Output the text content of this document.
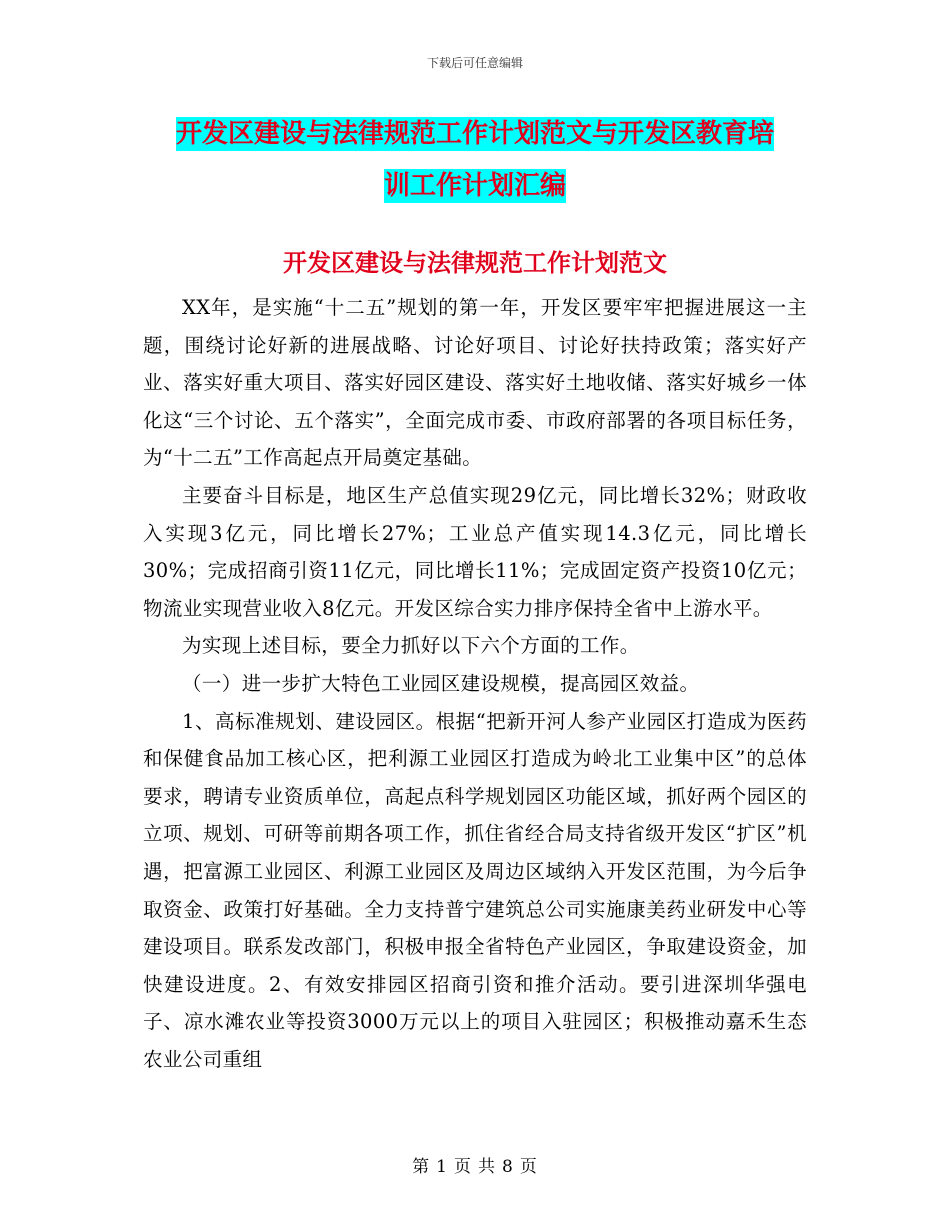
下载后可任意编辑
开发区建设与法律规范工作计划范文与开发区教育培
训工作计划汇编
开发区建设与法律规范工作计划范文

XX年，是实施“十二五”规划的第一年，开发区要牢牢把握进展这一主题，围绕讨论好新的进展战略、讨论好项目、讨论好扶持政策；落实好产业、落实好重大项目、落实好园区建设、落实好土地收储、落实好城乡一体化这“三个讨论、五个落实”，全面完成市委、市政府部署的各项目标任务，为“十二五”工作高起点开局奠定基础。

主要奋斗目标是，地区生产总值实现29亿元，同比增长32%；财政收入实现3亿元，同比增长27%；工业总产值实现14.3亿元，同比增长30%；完成招商引资11亿元，同比增长11%；完成固定资产投资10亿元；物流业实现营业收入8亿元。开发区综合实力排序保持全省中上游水平。

为实现上述目标，要全力抓好以下六个方面的工作。

（一）进一步扩大特色工业园区建设规模，提高园区效益。

1、高标准规划、建设园区。根据“把新开河人参产业园区打造成为医药和保健食品加工核心区，把利源工业园区打造成为岭北工业集中区”的总体要求，聘请专业资质单位，高起点科学规划园区功能区域，抓好两个园区的立项、规划、可研等前期各项工作，抓住省经合局支持省级开发区“扩区”机遇，把富源工业园区、利源工业园区及周边区域纳入开发区范围，为今后争取资金、政策打好基础。全力支持普宁建筑总公司实施康美药业研发中心等建设项目。联系发改部门，积极申报全省特色产业园区，争取建设资金，加快建设进度。2、有效安排园区招商引资和推介活动。要引进深圳华强电子、凉水滩农业等投资3000万元以上的项目入驻园区；积极推动嘉禾生态农业公司重组

第 1 页 共 8 页
